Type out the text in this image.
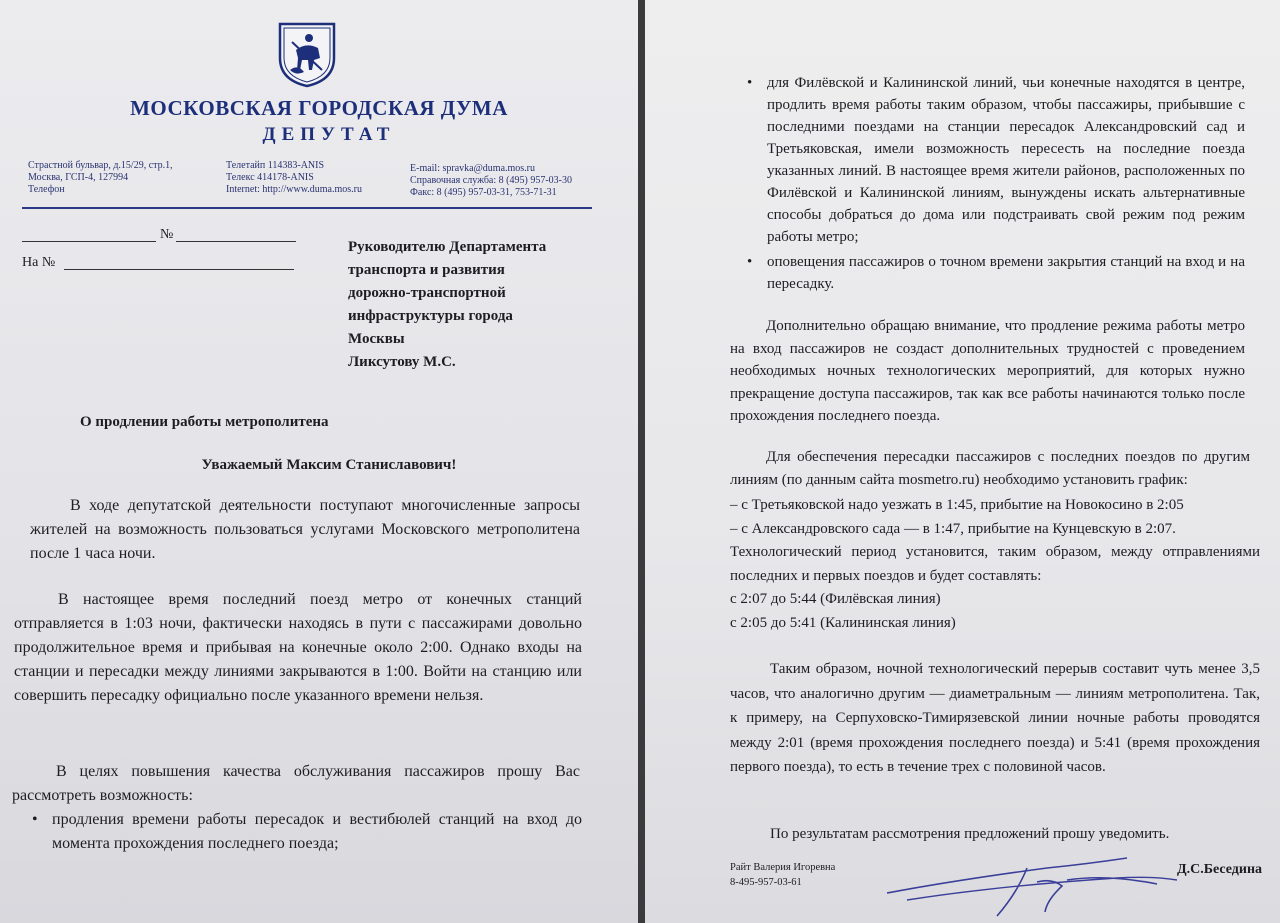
МОСКОВСКАЯ ГОРОДСКАЯ ДУМА
ДЕПУТАТ
Страстной бульвар, д.15/29, стр.1,
Москва, ГСП-4, 127994
Телефон
Телетайп 114383-ANIS
Телекс 414178-ANIS
Internet: http://www.duma.mos.ru
E-mail: spravka@duma.mos.ru
Справочная служба: 8 (495) 957-03-30
Факс: 8 (495) 957-03-31, 753-71-31
№
На №
Руководителю Департамента
транспорта и развития
дорожно-транспортной
инфраструктуры города
Москвы
Ликсутову М.С.
О продлении работы метрополитена
Уважаемый Максим Станиславович!
В ходе депутатской деятельности поступают многочисленные запросы жителей на возможность пользоваться услугами Московского метрополитена после 1 часа ночи.
В настоящее время последний поезд метро от конечных станций отправляется в 1:03 ночи, фактически находясь в пути с пассажирами довольно продолжительное время и прибывая на конечные около 2:00. Однако входы на станции и пересадки между линиями закрываются в 1:00. Войти на станцию или совершить пересадку официально после указанного времени нельзя.
В целях повышения качества обслуживания пассажиров прошу Вас рассмотреть возможность:
• продления времени работы пересадок и вестибюлей станций на вход до момента прохождения последнего поезда;
• для Филёвской и Калининской линий, чьи конечные находятся в центре, продлить время работы таким образом, чтобы пассажиры, прибывшие с последними поездами на станции пересадок Александровский сад и Третьяковская, имели возможность пересесть на последние поезда указанных линий. В настоящее время жители районов, расположенных по Филёвской и Калининской линиям, вынуждены искать альтернативные способы добраться до дома или подстраивать свой режим под режим работы метро;
• оповещения пассажиров о точном времени закрытия станций на вход и на пересадку.
Дополнительно обращаю внимание, что продление режима работы метро на вход пассажиров не создаст дополнительных трудностей с проведением необходимых ночных технологических мероприятий, для которых нужно прекращение доступа пассажиров, так как все работы начинаются только после прохождения последнего поезда.
Для обеспечения пересадки пассажиров с последних поездов по другим линиям (по данным сайта mosmetro.ru) необходимо установить график:
– с Третьяковской надо уезжать в 1:45, прибытие на Новокосино в 2:05
– с Александровского сада — в 1:47, прибытие на Кунцевскую в 2:07.
Технологический период установится, таким образом, между отправлениями последних и первых поездов и будет составлять:
с 2:07 до 5:44 (Филёвская линия)
с 2:05 до 5:41 (Калининская линия)
Таким образом, ночной технологический перерыв составит чуть менее 3,5 часов, что аналогично другим — диаметральным — линиям метрополитена. Так, к примеру, на Серпуховско-Тимирязевской линии ночные работы проводятся между 2:01 (время прохождения последнего поезда) и 5:41 (время прохождения первого поезда), то есть в течение трех с половиной часов.
По результатам рассмотрения предложений прошу уведомить.
Райт Валерия Игоревна
8-495-957-03-61
Д.С.Беседина
